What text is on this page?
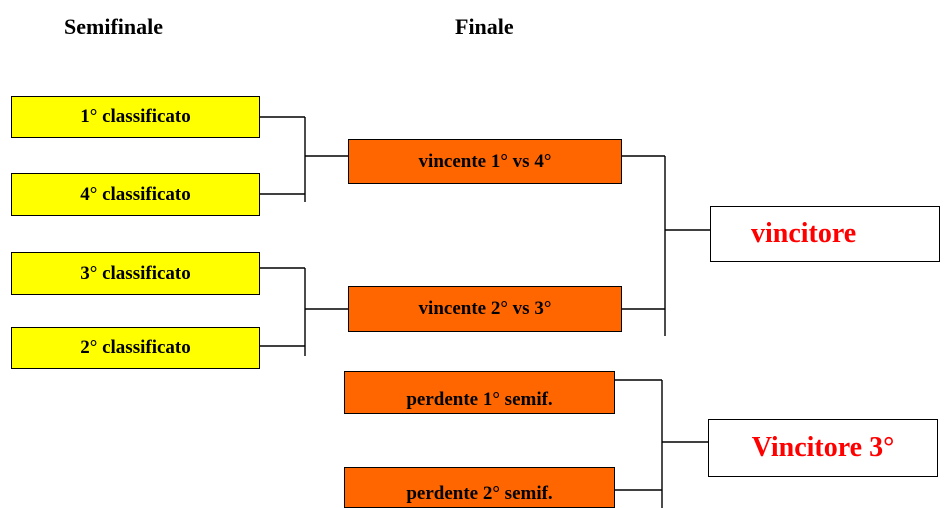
Semifinale	Finale
1° classificato
4° classificato
3° classificato
2° classificato
vincente 1° vs 4°
vincente 2° vs 3°
perdente 1° semif.
perdente 2° semif.
vincitore
Vincitore 3°
